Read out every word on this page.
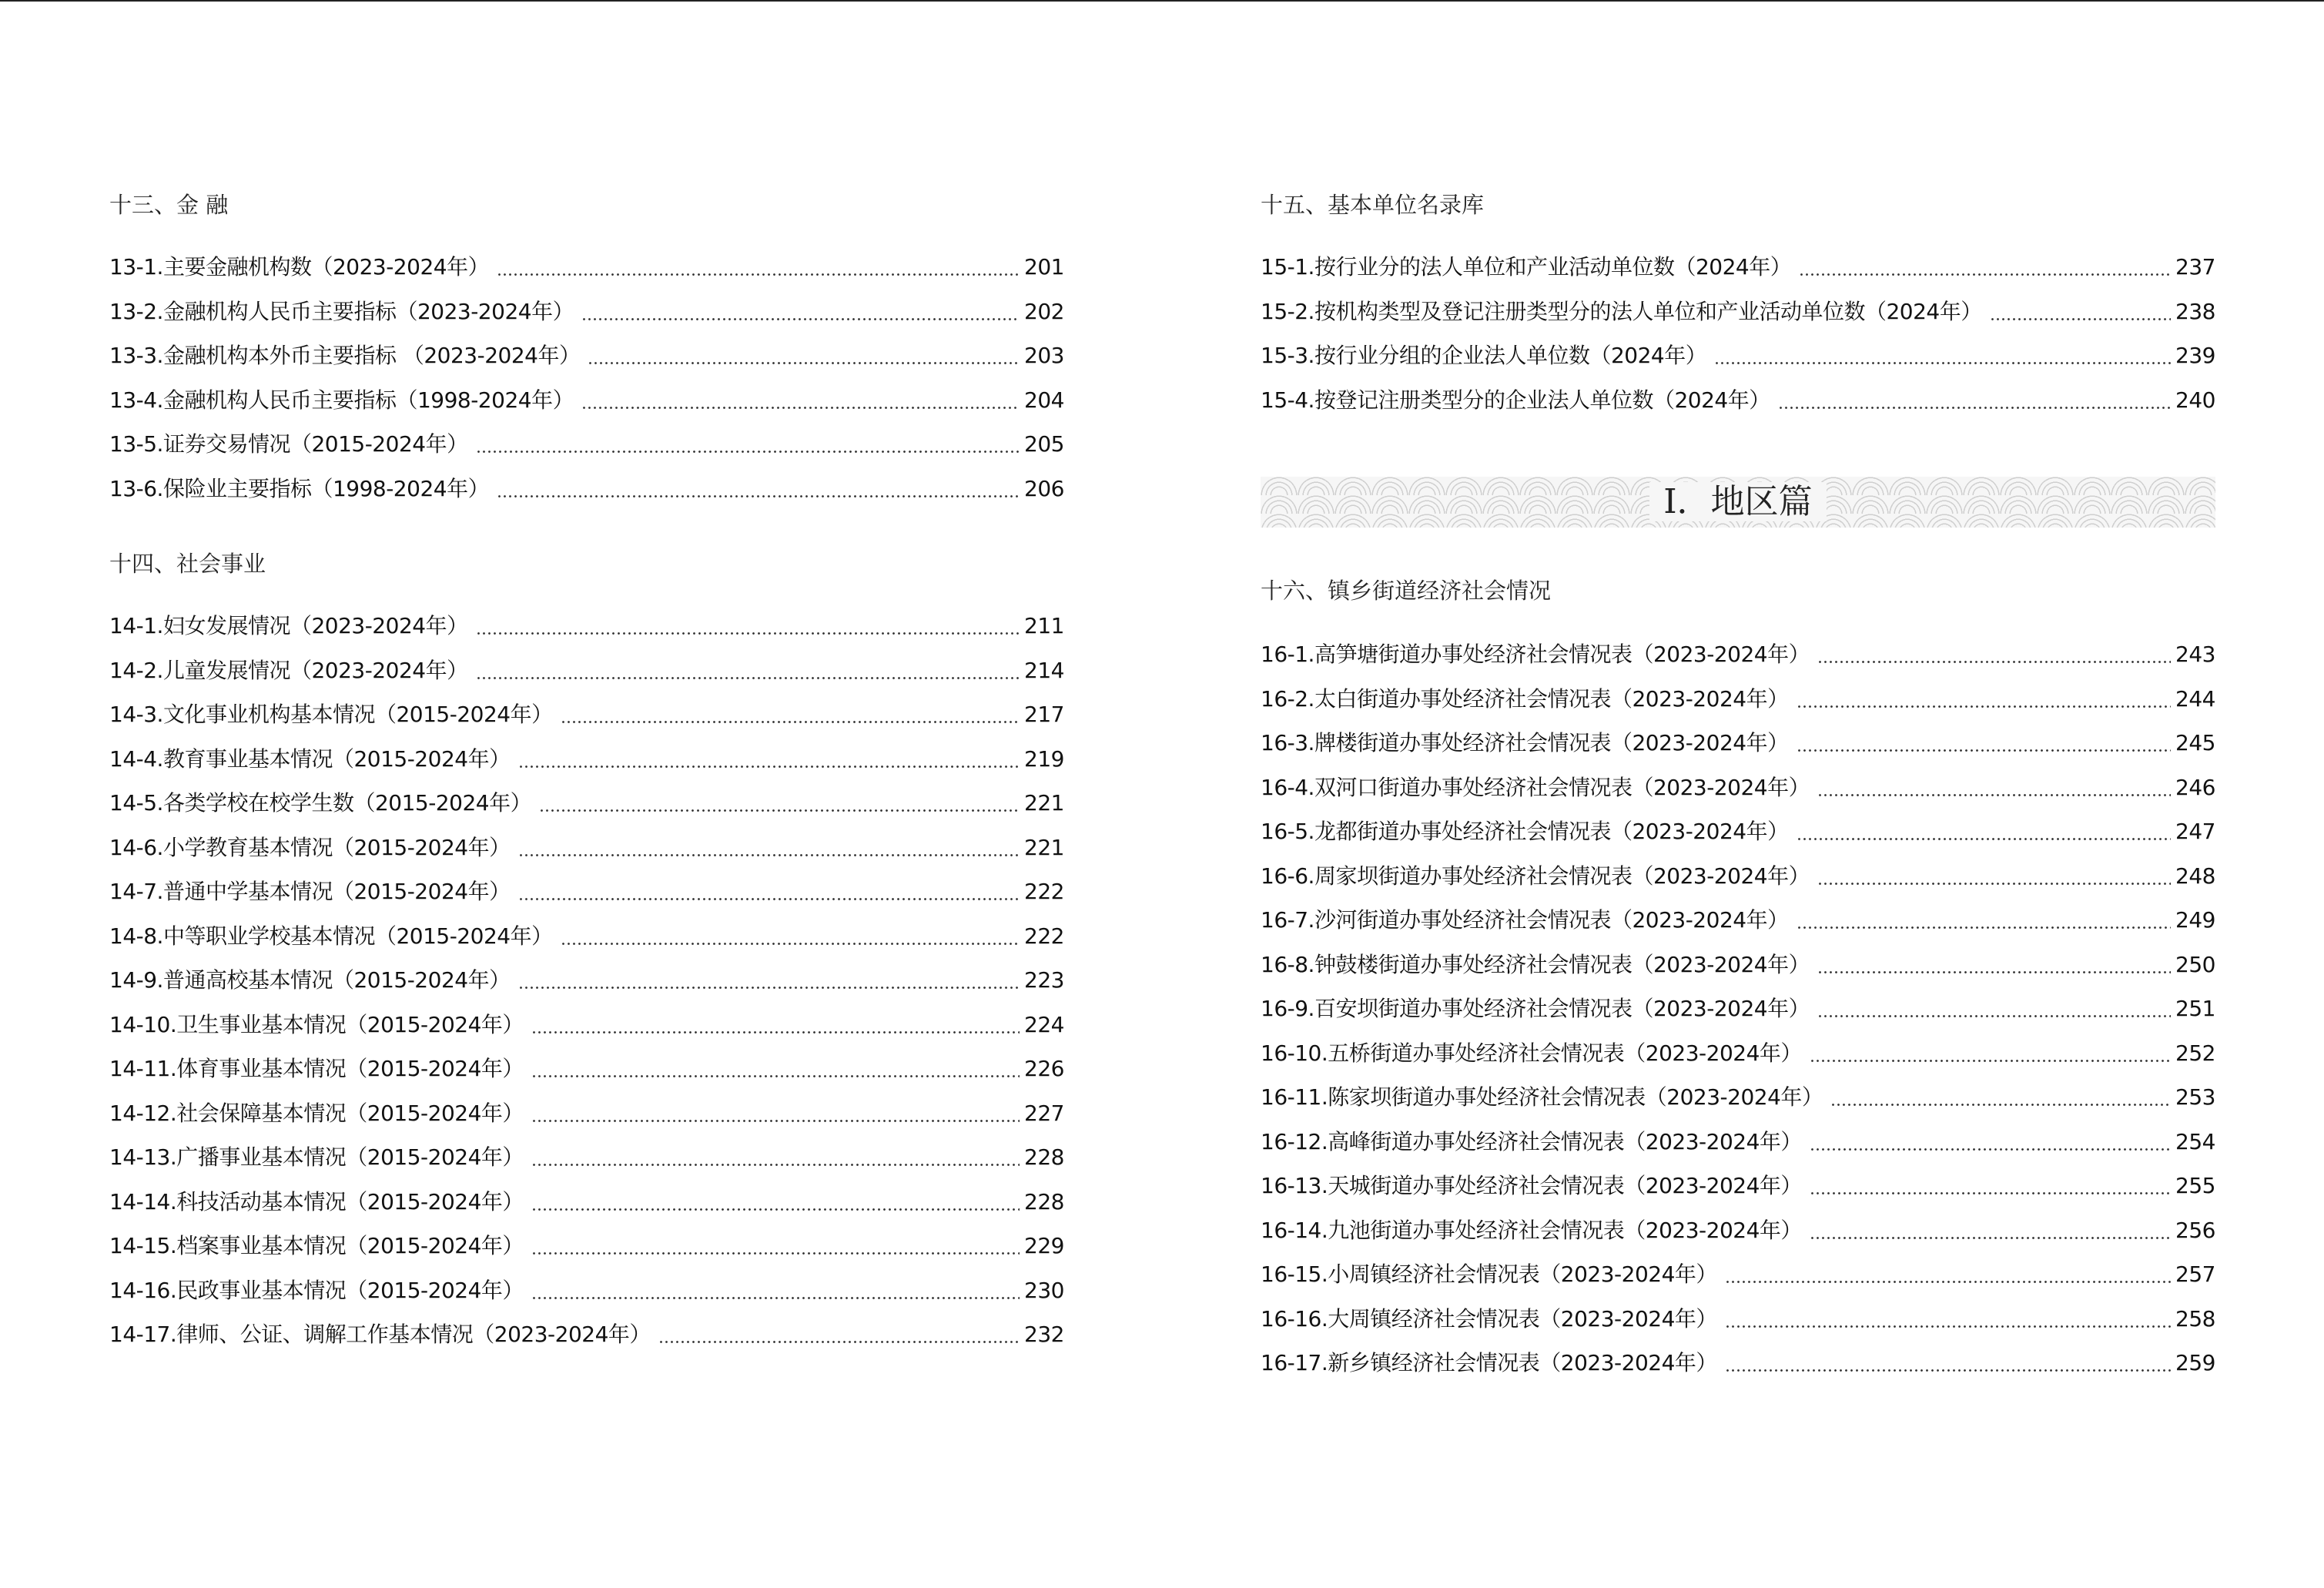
十三、金 融
13-1.主要金融机构数（2023-2024年）	201
13-2.金融机构人民币主要指标（2023-2024年）	202
13-3.金融机构本外币主要指标 （2023-2024年）	203
13-4.金融机构人民币主要指标（1998-2024年）	204
13-5.证券交易情况（2015-2024年）	205
13-6.保险业主要指标（1998-2024年）	206
十四、社会事业
14-1.妇女发展情况（2023-2024年）	211
14-2.儿童发展情况（2023-2024年）	214
14-3.文化事业机构基本情况（2015-2024年）	217
14-4.教育事业基本情况（2015-2024年）	219
14-5.各类学校在校学生数（2015-2024年）	221
14-6.小学教育基本情况（2015-2024年）	221
14-7.普通中学基本情况（2015-2024年）	222
14-8.中等职业学校基本情况（2015-2024年）	222
14-9.普通高校基本情况（2015-2024年）	223
14-10.卫生事业基本情况（2015-2024年）	224
14-11.体育事业基本情况（2015-2024年）	226
14-12.社会保障基本情况（2015-2024年）	227
14-13.广播事业基本情况（2015-2024年）	228
14-14.科技活动基本情况（2015-2024年）	228
14-15.档案事业基本情况（2015-2024年）	229
14-16.民政事业基本情况（2015-2024年）	230
14-17.律师、公证、调解工作基本情况（2023-2024年）	232
十五、基本单位名录库
15-1.按行业分的法人单位和产业活动单位数（2024年）	237
15-2.按机构类型及登记注册类型分的法人单位和产业活动单位数（2024年）	238
15-3.按行业分组的企业法人单位数（2024年）	239
15-4.按登记注册类型分的企业法人单位数（2024年）	240
Ⅰ．地区篇
十六、镇乡街道经济社会情况
16-1.高笋塘街道办事处经济社会情况表（2023-2024年）	243
16-2.太白街道办事处经济社会情况表（2023-2024年）	244
16-3.牌楼街道办事处经济社会情况表（2023-2024年）	245
16-4.双河口街道办事处经济社会情况表（2023-2024年）	246
16-5.龙都街道办事处经济社会情况表（2023-2024年）	247
16-6.周家坝街道办事处经济社会情况表（2023-2024年）	248
16-7.沙河街道办事处经济社会情况表（2023-2024年）	249
16-8.钟鼓楼街道办事处经济社会情况表（2023-2024年）	250
16-9.百安坝街道办事处经济社会情况表（2023-2024年）	251
16-10.五桥街道办事处经济社会情况表（2023-2024年）	252
16-11.陈家坝街道办事处经济社会情况表（2023-2024年）	253
16-12.高峰街道办事处经济社会情况表（2023-2024年）	254
16-13.天城街道办事处经济社会情况表（2023-2024年）	255
16-14.九池街道办事处经济社会情况表（2023-2024年）	256
16-15.小周镇经济社会情况表（2023-2024年）	257
16-16.大周镇经济社会情况表（2023-2024年）	258
16-17.新乡镇经济社会情况表（2023-2024年）	259
